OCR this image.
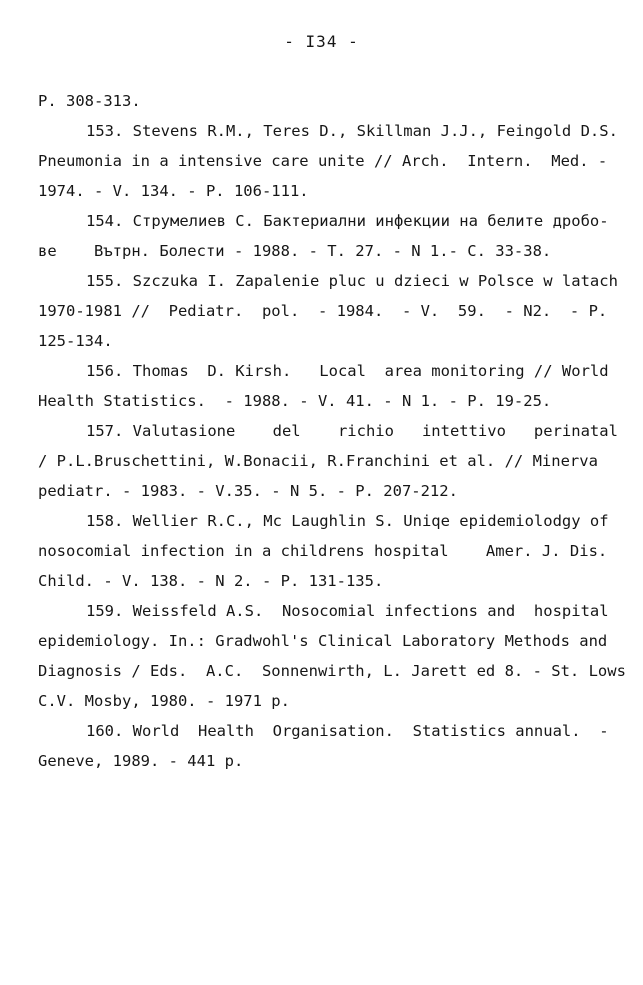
- I34 -
P. 308-313.
153. Stevens R.M., Teres D., Skillman J.J., Feingold D.S.
Pneumonia in a intensive care unite // Arch.  Intern.  Med. -
1974. - V. 134. - P. 106-111.
154. Струмелиев С. Бактериални инфекции на белите дробо-
ве    Вътрн. Болести - 1988. - Т. 27. - N 1.- С. 33-38.
155. Szczuka I. Zapalenie pluc u dzieci w Polsce w latach
1970-1981 //  Pediatr.  pol.  - 1984.  - V.  59.  - N2.  - P.
125-134.
156. Thomas  D. Kirsh.   Local  area monitoring // World
Health Statistics.  - 1988. - V. 41. - N 1. - P. 19-25.
157. Valutasione    del    richio   intettivo   perinatal
/ P.L.Bruschettini, W.Bonacii, R.Franchini et al. // Minerva
pediatr. - 1983. - V.35. - N 5. - P. 207-212.
158. Wellier R.C., Mc Laughlin S. Uniqe epidemiolodgy of
nosocomial infection in a childrens hospital    Amer. J. Dis.
Child. - V. 138. - N 2. - P. 131-135.
159. Weissfeld A.S.  Nosocomial infections and  hospital
epidemiology. In.: Gradwohl's Clinical Laboratory Methods and
Diagnosis / Eds.  A.C.  Sonnenwirth, L. Jarett ed 8. - St. Lows
C.V. Mosby, 1980. - 1971 p.
160. World  Health  Organisation.  Statistics annual.  -
Geneve, 1989. - 441 p.
